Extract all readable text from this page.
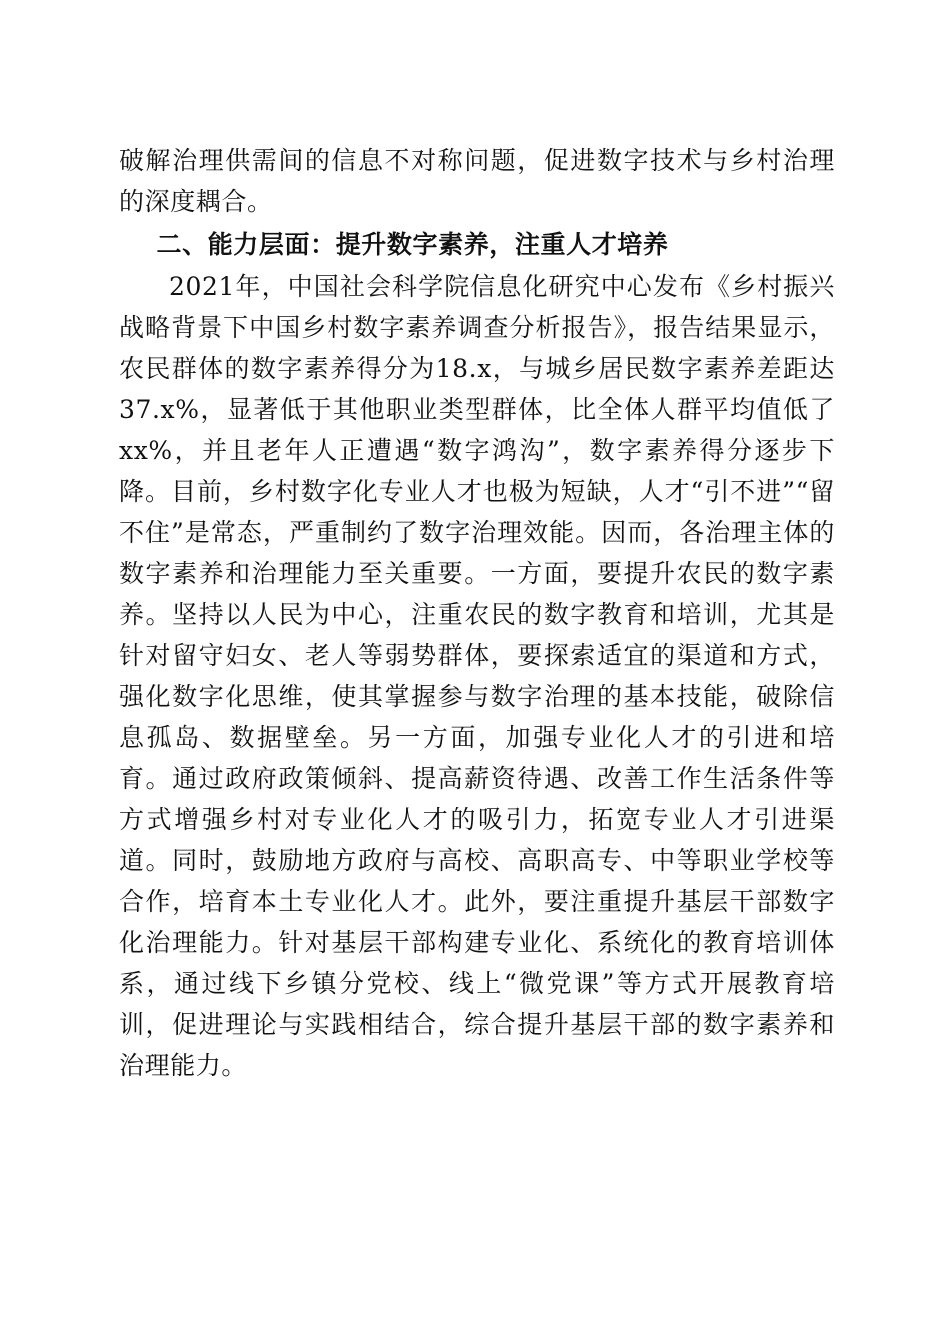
破解治理供需间的信息不对称问题，促进数字技术与乡村治理的深度耦合。

二、能力层面：提升数字素养，注重人才培养

2021年，中国社会科学院信息化研究中心发布《乡村振兴战略背景下中国乡村数字素养调查分析报告》，报告结果显示，农民群体的数字素养得分为18.x，与城乡居民数字素养差距达37.x%，显著低于其他职业类型群体，比全体人群平均值低了xx%，并且老年人正遭遇“数字鸿沟”，数字素养得分逐步下降。目前，乡村数字化专业人才也极为短缺，人才“引不进”“留不住”是常态，严重制约了数字治理效能。因而，各治理主体的数字素养和治理能力至关重要。一方面，要提升农民的数字素养。坚持以人民为中心，注重农民的数字教育和培训，尤其是针对留守妇女、老人等弱势群体，要探索适宜的渠道和方式，强化数字化思维，使其掌握参与数字治理的基本技能，破除信息孤岛、数据壁垒。另一方面，加强专业化人才的引进和培育。通过政府政策倾斜、提高薪资待遇、改善工作生活条件等方式增强乡村对专业化人才的吸引力，拓宽专业人才引进渠道。同时，鼓励地方政府与高校、高职高专、中等职业学校等合作，培育本土专业化人才。此外，要注重提升基层干部数字化治理能力。针对基层干部构建专业化、系统化的教育培训体系，通过线下乡镇分党校、线上“微党课”等方式开展教育培训，促进理论与实践相结合，综合提升基层干部的数字素养和治理能力。
